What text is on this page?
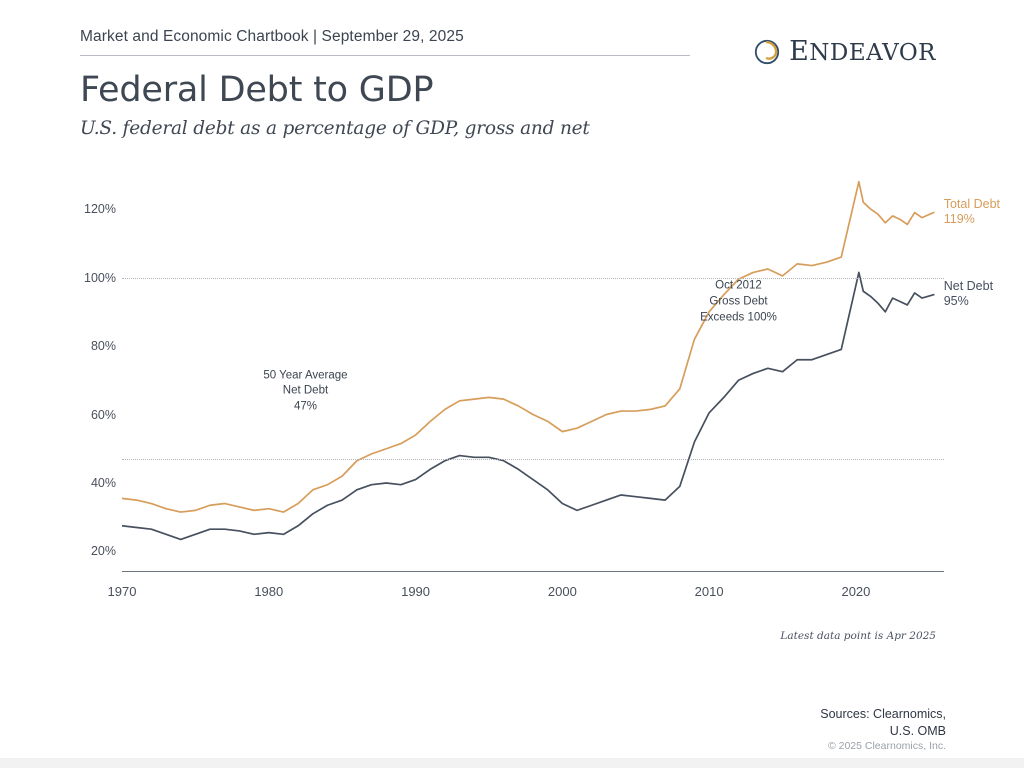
Market and Economic Chartbook | September 29, 2025
Federal Debt to GDP
U.S. federal debt as a percentage of GDP, gross and net
ENDEAVOR
20%
40%
60%
80%
100%
120%
1970	1980	1990	2000	2010	2020
Total Debt
119%
Net Debt
95%
50 Year Average
Net Debt
47%
Oct 2012
Gross Debt
Exceeds 100%
Latest data point is Apr 2025
Sources: Clearnomics,
U.S. OMB
© 2025 Clearnomics, Inc.
